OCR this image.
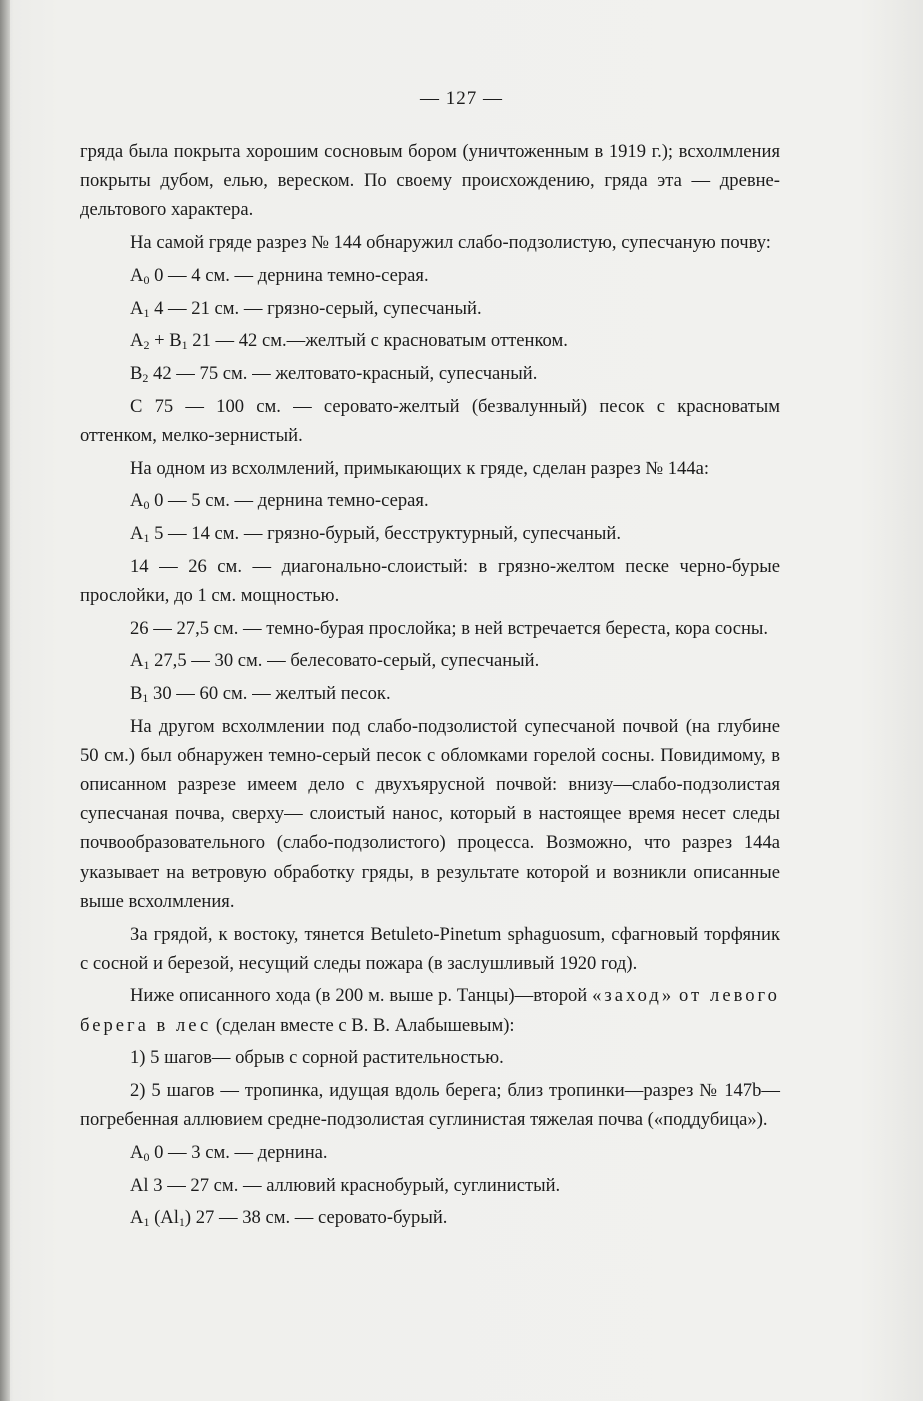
— 127 —

гряда была покрыта хорошим сосновым бором (уничтоженным в 1919 г.); всхолмления покрыты дубом, елью, вереском. По своему происхождению, гряда эта — древне-дельтового характера.

На самой гряде разрез № 144 обнаружил слабо-подзолистую, супесчаную почву:

$A_0$ 0 — 4 см. — дернина темно-серая.
$A_1$ 4 — 21 см. — грязно-серый, супесчаный.
$A_2 + B_1$ 21 — 42 см.—желтый с красноватым оттенком.
$B_2$ 42 — 75 см. — желтовато-красный, супесчаный.

С 75 — 100 см. — серовато-желтый (безвалунный) песок с красноватым оттенком, мелко-зернистый.

На одном из всхолмлений, примыкающих к гряде, сделан разрез № 144а:

$A_0$ 0 — 5 см. — дернина темно-серая.
$A_1$ 5 — 14 см. — грязно-бурый, бесструктурный, супесчаный.

14 — 26 см. — диагонально-слоистый: в грязно-желтом песке черно-бурые прослойки, до 1 см. мощностью.

26 — 27,5 см. — темно-бурая прослойка; в ней встречается береста, кора сосны.

$A_1$ 27,5 — 30 см. — белесовато-серый, супесчаный.
$B_1$ 30 — 60 см. — желтый песок.

На другом всхолмлении под слабо-подзолистой супесчаной почвой (на глубине 50 см.) был обнаружен темно-серый песок с обломками горелой сосны. Повидимому, в описанном разрезе имеем дело с двухъярусной почвой: внизу—слабо-подзолистая супесчаная почва, сверху— слоистый нанос, который в настоящее время несет следы почвообразовательного (слабо-подзолистого) процесса. Возможно, что разрез 144а указывает на ветровую обработку гряды, в результате которой и возникли описанные выше всхолмления.

За грядой, к востоку, тянется Betuleto-Pinetum sphaguosum, сфагновый торфяник с сосной и березой, несущий следы пожара (в заслушливый 1920 год).

Ниже описанного хода (в 200 м. выше р. Танцы)—второй «заход» от левого берега в лес (сделан вместе с В. В. Алабышевым):

1) 5 шагов— обрыв с сорной растительностью.

2) 5 шагов — тропинка, идущая вдоль берега; близ тропинки—разрез № 147b—погребенная аллювием средне-подзолистая суглинистая тяжелая почва («поддубица»).

$A_0$ 0 — 3 см. — дернина.
Al 3 — 27 см. — аллювий краснобурый, суглинистый.
$A_1$ $(Al_1)$ 27 — 38 см. — серовато-бурый.
